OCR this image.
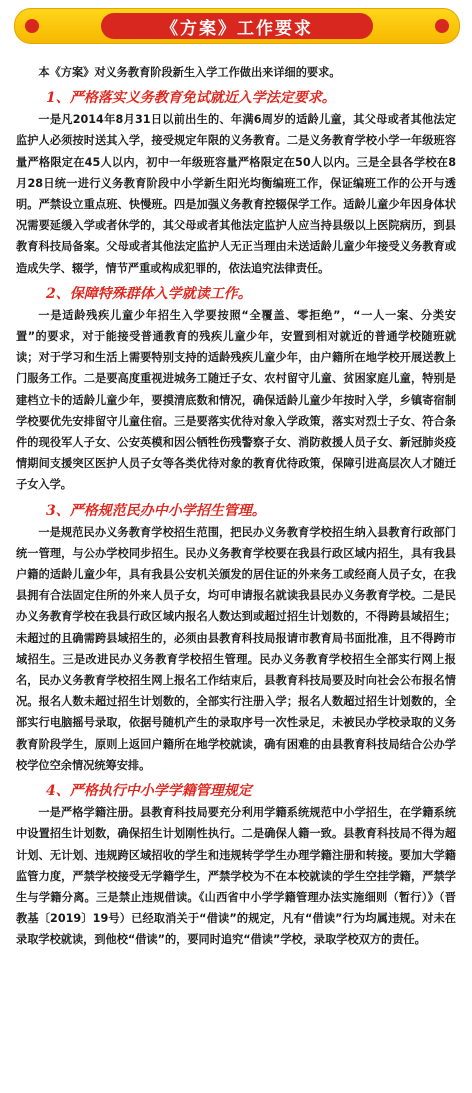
《方案》工作要求

本《方案》对义务教育阶段新生入学工作做出来详细的要求。

1、严格落实义务教育免试就近入学法定要求。

一是凡2014年8月31日以前出生的、年满6周岁的适龄儿童，其父母或者其他法定监护人必须按时送其入学，接受规定年限的义务教育。二是义务教育学校小学一年级班容量严格限定在45人以内，初中一年级班容量严格限定在50人以内。三是全县各学校在8月28日统一进行义务教育阶段中小学新生阳光均衡编班工作，保证编班工作的公开与透明。严禁设立重点班、快慢班。四是加强义务教育控辍保学工作。适龄儿童少年因身体状况需要延缓入学或者休学的，其父母或者其他法定监护人应当持县级以上医院病历，到县教育科技局备案。父母或者其他法定监护人无正当理由未送适龄儿童少年接受义务教育或造成失学、辍学，情节严重或构成犯罪的，依法追究法律责任。

2、保障特殊群体入学就读工作。

一是适龄残疾儿童少年招生入学要按照“全覆盖、零拒绝”，“一人一案、分类安置”的要求，对于能接受普通教育的残疾儿童少年，安置到相对就近的普通学校随班就读；对于学习和生活上需要特别支持的适龄残疾儿童少年，由户籍所在地学校开展送教上门服务工作。二是要高度重视进城务工随迁子女、农村留守儿童、贫困家庭儿童，特别是建档立卡的适龄儿童少年，要摸清底数和情况，确保适龄儿童少年按时入学，乡镇寄宿制学校要优先安排留守儿童住宿。三是要落实优待对象入学政策，落实对烈士子女、符合条件的现役军人子女、公安英模和因公牺牲伤残警察子女、消防救援人员子女、新冠肺炎疫情期间支援突区医护人员子女等各类优待对象的教育优待政策，保障引进高层次人才随迁子女入学。

3、严格规范民办中小学招生管理。

一是规范民办义务教育学校招生范围，把民办义务教育学校招生纳入县教育行政部门统一管理，与公办学校同步招生。民办义务教育学校要在我县行政区域内招生，具有我县户籍的适龄儿童少年，具有我县公安机关颁发的居住证的外来务工或经商人员子女，在我县拥有合法固定住所的外来人员子女，均可申请报名就读我县民办义务教育学校。二是民办义务教育学校在我县行政区域内报名人数达到或超过招生计划数的，不得跨县域招生；未超过的且确需跨县域招生的，必须由县教育科技局报请市教育局书面批准，且不得跨市域招生。三是改进民办义务教育学校招生管理。民办义务教育学校招生全部实行网上报名，民办义务教育学校招生网上报名工作结束后，县教育科技局要及时向社会公布报名情况。报名人数未超过招生计划数的，全部实行注册入学；报名人数超过招生计划数的，全部实行电脑摇号录取，依据号随机产生的录取序号一次性录足，未被民办学校录取的义务教育阶段学生，原则上返回户籍所在地学校就读，确有困难的由县教育科技局结合公办学校学位空余情况统筹安排。

4、严格执行中小学学籍管理规定

一是严格学籍注册。县教育科技局要充分利用学籍系统规范中小学招生，在学籍系统中设置招生计划数，确保招生计划刚性执行。二是确保人籍一致。县教育科技局不得为超计划、无计划、违规跨区域招收的学生和违规转学学生办理学籍注册和转接。要加大学籍监管力度，严禁学校接受无学籍学生，严禁学校为不在本校就读的学生空挂学籍，严禁学生与学籍分离。三是禁止违规借读。《山西省中小学学籍管理办法实施细则（暂行）》（晋教基〔2019〕19号）已经取消关于“借读”的规定，凡有“借读”行为均属违规。对未在录取学校就读，到他校“借读”的，要同时追究“借读”学校，录取学校双方的责任。
